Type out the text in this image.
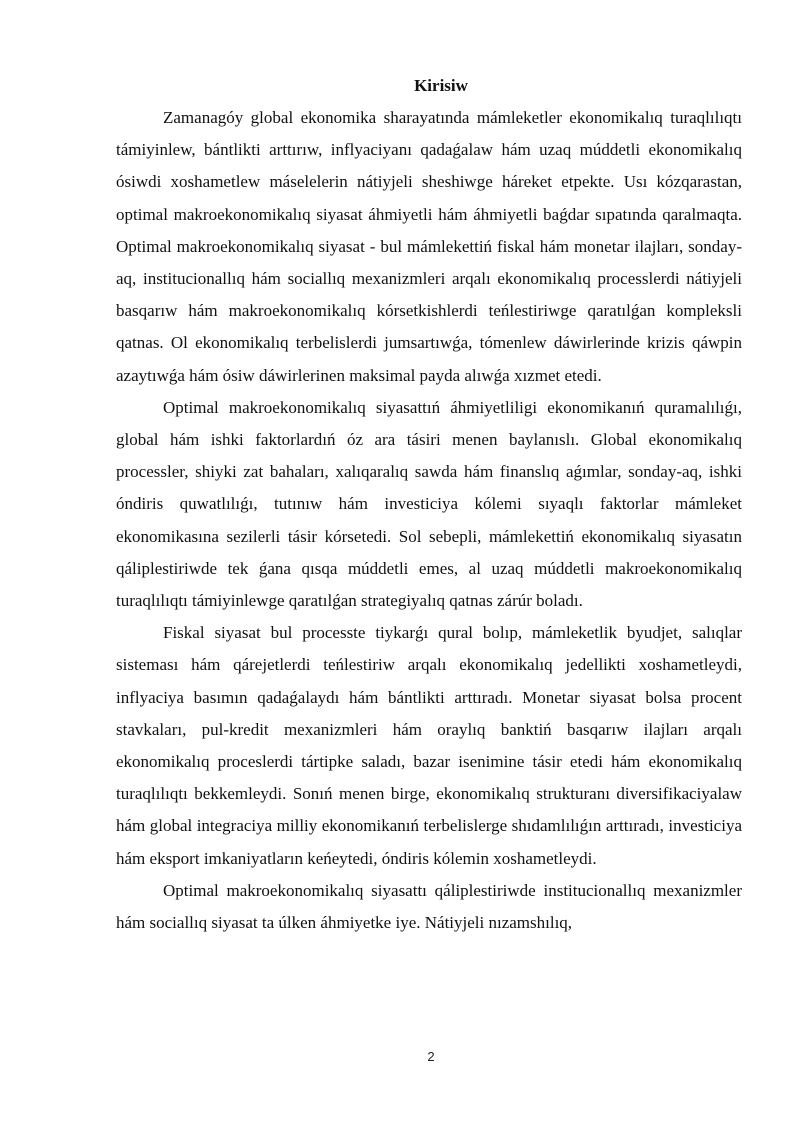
Kirisiw

Zamanagóy global ekonomika sharayatında mámleketler ekonomikalıq turaqlılıqtı támiyinlew, bántlikti arttırıw, inflyaciyanı qadaǵalaw hám uzaq múddetli ekonomikalıq ósiwdi xoshametlew máselelerin nátiyjeli sheshiwge háreket etpekte. Usı kózqarastan, optimal makroekonomikalıq siyasat áhmiyetli hám áhmiyetli baǵdar sıpatında qaralmaqta. Optimal makroekonomikalıq siyasat - bul mámlekettiń fiskal hám monetar ilajları, sonday-aq, institucionallıq hám sociallıq mexanizmleri arqalı ekonomikalıq processlerdi nátiyjeli basqarıw hám makroekonomikalıq kórsetkishlerdi teńlestiriwge qaratılǵan kompleksli qatnas. Ol ekonomikalıq terbelislerdi jumsartıwǵa, tómenlew dáwirlerinde krizis qáwpin azaytıwǵa hám ósiw dáwirlerinen maksimal payda alıwǵa xızmet etedi.

Optimal makroekonomikalıq siyasattıń áhmiyetliligi ekonomikanıń quramalılıǵı, global hám ishki faktorlardıń óz ara tásiri menen baylanıslı. Global ekonomikalıq processler, shiyki zat bahaları, xalıqaralıq sawda hám finanslıq aǵımlar, sonday-aq, ishki óndiris quwatlılıǵı, tutınıw hám investiciya kólemi sıyaqlı faktorlar mámleket ekonomikasına sezilerli tásir kórsetedi. Sol sebepli, mámlekettiń ekonomikalıq siyasatın qáliplestiriwde tek ǵana qısqa múddetli emes, al uzaq múddetli makroekonomikalıq turaqlılıqtı támiyinlewge qaratılǵan strategiyalıq qatnas zárúr boladı.

Fiskal siyasat bul processte tiykarǵı qural bolıp, mámleketlik byudjet, salıqlar sisteması hám qárejetlerdi teńlestiriw arqalı ekonomikalıq jedellikti xoshametleydi, inflyaciya basımın qadaǵalaydı hám bántlikti arttıradı. Monetar siyasat bolsa procent stavkaları, pul-kredit mexanizmleri hám oraylıq banktiń basqarıw ilajları arqalı ekonomikalıq proceslerdi tártipke saladı, bazar isenimine tásir etedi hám ekonomikalıq turaqlılıqtı bekkemleydi. Sonıń menen birge, ekonomikalıq strukturanı diversifikaciyalaw hám global integraciya milliy ekonomikanıń terbelislerge shıdamlılıǵın arttıradı, investiciya hám eksport imkaniyatların keńeytedi, óndiris kólemin xoshametleydi.

Optimal makroekonomikalıq siyasattı qáliplestiriwde institucionallıq mexanizmler hám sociallıq siyasat ta úlken áhmiyetke iye. Nátiyjeli nızamshılıq,

2
